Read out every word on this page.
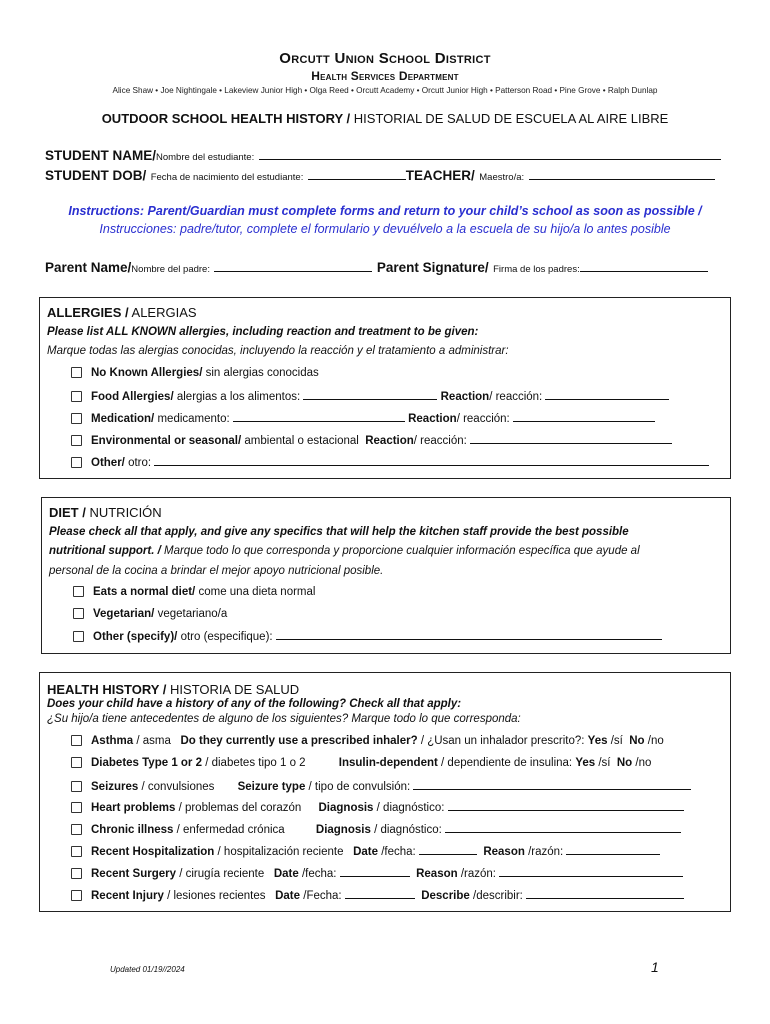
Orcutt Union School District
Health Services Department
Alice Shaw • Joe Nightingale • Lakeview Junior High • Olga Reed • Orcutt Academy • Orcutt Junior High • Patterson Road • Pine Grove • Ralph Dunlap
OUTDOOR SCHOOL HEALTH HISTORY / HISTORIAL DE SALUD DE ESCUELA AL AIRE LIBRE
STUDENT NAME/Nombre del estudiante:
STUDENT DOB/ Fecha de nacimiento del estudiante:	TEACHER/ Maestro/a:
Instructions: Parent/Guardian must complete forms and return to your child’s school as soon as possible /
Instrucciones: padre/tutor, complete el formulario y devuélvelo a la escuela de su hijo/a lo antes posible
Parent Name/Nombre del padre:	Parent Signature/ Firma de los padres:
ALLERGIES / ALERGIAS
Please list ALL KNOWN allergies, including reaction and treatment to be given:
Marque todas las alergias conocidas, incluyendo la reacción y el tratamiento a administrar:
No Known Allergies/ sin alergias conocidas
Food Allergies/ alergias a los alimentos:	Reaction/ reacción:
Medication/ medicamento:	Reaction/ reacción:
Environmental or seasonal/ ambiental o estacional Reaction/ reacción:
Other/ otro:
DIET / NUTRICIÓN
Please check all that apply, and give any specifics that will help the kitchen staff provide the best possible
nutritional support. / Marque todo lo que corresponda y proporcione cualquier información específica que ayude al
personal de la cocina a brindar el mejor apoyo nutricional posible.
Eats a normal diet/ come una dieta normal
Vegetarian/ vegetariano/a
Other (specify)/ otro (especifique):
HEALTH HISTORY / HISTORIA DE SALUD
Does your child have a history of any of the following? Check all that apply:
¿Su hijo/a tiene antecedentes de alguno de los siguientes? Marque todo lo que corresponda:
Asthma / asma Do they currently use a prescribed inhaler? / ¿Usan un inhalador prescrito?: Yes /sí No /no
Diabetes Type 1 or 2 / diabetes tipo 1 o 2	Insulin-dependent / dependiente de insulina: Yes /sí No /no
Seizures / convulsiones Seizure type / tipo de convulsión:
Heart problems / problemas del corazón Diagnosis / diagnóstico:
Chronic illness / enfermedad crónica	Diagnosis / diagnóstico:
Recent Hospitalization / hospitalización reciente Date /fecha:	Reason /razón:
Recent Surgery / cirugía reciente Date /fecha:	Reason /razón:
Recent Injury / lesiones recientes Date /Fecha:	Describe /describir:
Updated 01/19//2024	1
